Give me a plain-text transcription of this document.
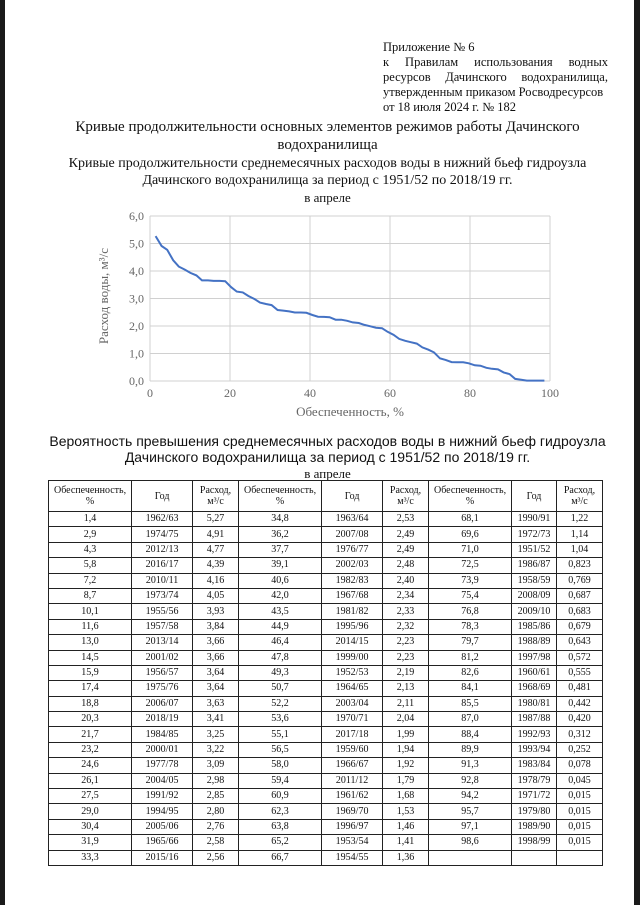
Приложение № 6
к Правилам использования водных
ресурсов Дачинского водохранилища,
утвержденным приказом Росводресурсов
от 18 июля 2024 г. № 182
Кривые продолжительности основных элементов режимов работы Дачинского водохранилища
Кривые продолжительности среднемесячных расходов воды в нижний бьеф гидроузла Дачинского водохранилища за период с 1951/52 по 2018/19 гг.
в апреле
0,0
1,0
2,0
3,0
4,0
5,0
6,0
0	20	40	60	80	100
Обеспеченность, %
Расход воды, м³/с
Вероятность превышения среднемесячных расходов воды в нижний бьеф гидроузла Дачинского водохранилища за период с 1951/52 по 2018/19 гг.
в апреле
Обеспеченность, %	Год	Расход, м³/с	Обеспеченность, %	Год	Расход, м³/с	Обеспеченность, %	Год	Расход, м³/с
1,4	1962/63	5,27	34,8	1963/64	2,53	68,1	1990/91	1,22
2,9	1974/75	4,91	36,2	2007/08	2,49	69,6	1972/73	1,14
4,3	2012/13	4,77	37,7	1976/77	2,49	71,0	1951/52	1,04
5,8	2016/17	4,39	39,1	2002/03	2,48	72,5	1986/87	0,823
7,2	2010/11	4,16	40,6	1982/83	2,40	73,9	1958/59	0,769
8,7	1973/74	4,05	42,0	1967/68	2,34	75,4	2008/09	0,687
10,1	1955/56	3,93	43,5	1981/82	2,33	76,8	2009/10	0,683
11,6	1957/58	3,84	44,9	1995/96	2,32	78,3	1985/86	0,679
13,0	2013/14	3,66	46,4	2014/15	2,23	79,7	1988/89	0,643
14,5	2001/02	3,66	47,8	1999/00	2,23	81,2	1997/98	0,572
15,9	1956/57	3,64	49,3	1952/53	2,19	82,6	1960/61	0,555
17,4	1975/76	3,64	50,7	1964/65	2,13	84,1	1968/69	0,481
18,8	2006/07	3,63	52,2	2003/04	2,11	85,5	1980/81	0,442
20,3	2018/19	3,41	53,6	1970/71	2,04	87,0	1987/88	0,420
21,7	1984/85	3,25	55,1	2017/18	1,99	88,4	1992/93	0,312
23,2	2000/01	3,22	56,5	1959/60	1,94	89,9	1993/94	0,252
24,6	1977/78	3,09	58,0	1966/67	1,92	91,3	1983/84	0,078
26,1	2004/05	2,98	59,4	2011/12	1,79	92,8	1978/79	0,045
27,5	1991/92	2,85	60,9	1961/62	1,68	94,2	1971/72	0,015
29,0	1994/95	2,80	62,3	1969/70	1,53	95,7	1979/80	0,015
30,4	2005/06	2,76	63,8	1996/97	1,46	97,1	1989/90	0,015
31,9	1965/66	2,58	65,2	1953/54	1,41	98,6	1998/99	0,015
33,3	2015/16	2,56	66,7	1954/55	1,36			
